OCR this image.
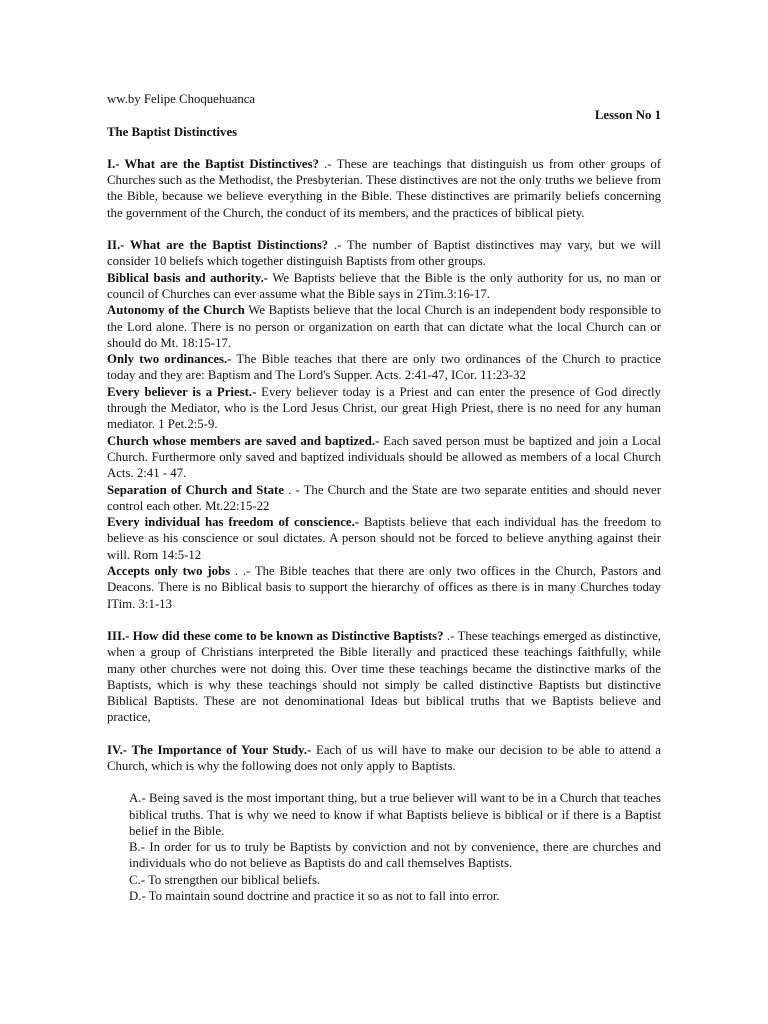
ww.by Felipe Choquehuanca
Lesson No 1
The Baptist Distinctives

I.- What are the Baptist Distinctives? .- These are teachings that distinguish us from other groups of Churches such as the Methodist, the Presbyterian. These distinctives are not the only truths we believe from the Bible, because we believe everything in the Bible. These distinctives are primarily beliefs concerning the government of the Church, the conduct of its members, and the practices of biblical piety.

II.- What are the Baptist Distinctions? .- The number of Baptist distinctives may vary, but we will consider 10 beliefs which together distinguish Baptists from other groups.

Biblical basis and authority.- We Baptists believe that the Bible is the only authority for us, no man or council of Churches can ever assume what the Bible says in 2Tim.3:16-17.

Autonomy of the Church We Baptists believe that the local Church is an independent body responsible to the Lord alone. There is no person or organization on earth that can dictate what the local Church can or should do Mt. 18:15-17.

Only two ordinances.- The Bible teaches that there are only two ordinances of the Church to practice today and they are: Baptism and The Lord's Supper. Acts. 2:41-47, ICor. 11:23-32

Every believer is a Priest.- Every believer today is a Priest and can enter the presence of God directly through the Mediator, who is the Lord Jesus Christ, our great High Priest, there is no need for any human mediator. 1 Pet.2:5-9.

Church whose members are saved and baptized.- Each saved person must be baptized and join a Local Church. Furthermore only saved and baptized individuals should be allowed as members of a local Church Acts. 2:41 - 47.

Separation of Church and State . - The Church and the State are two separate entities and should never control each other. Mt.22:15-22

Every individual has freedom of conscience.- Baptists believe that each individual has the freedom to believe as his conscience or soul dictates. A person should not be forced to believe anything against their will. Rom 14:5-12

Accepts only two jobs . .- The Bible teaches that there are only two offices in the Church, Pastors and Deacons. There is no Biblical basis to support the hierarchy of offices as there is in many Churches today ITim. 3:1-13

III.- How did these come to be known as Distinctive Baptists? .- These teachings emerged as distinctive, when a group of Christians interpreted the Bible literally and practiced these teachings faithfully, while many other churches were not doing this. Over time these teachings became the distinctive marks of the Baptists, which is why these teachings should not simply be called distinctive Baptists but distinctive Biblical Baptists. These are not denominational Ideas but biblical truths that we Baptists believe and practice,

IV.- The Importance of Your Study.- Each of us will have to make our decision to be able to attend a Church, which is why the following does not only apply to Baptists.

A.- Being saved is the most important thing, but a true believer will want to be in a Church that teaches biblical truths. That is why we need to know if what Baptists believe is biblical or if there is a Baptist belief in the Bible.

B.- In order for us to truly be Baptists by conviction and not by convenience, there are churches and individuals who do not believe as Baptists do and call themselves Baptists.

C.- To strengthen our biblical beliefs.

D.- To maintain sound doctrine and practice it so as not to fall into error.
